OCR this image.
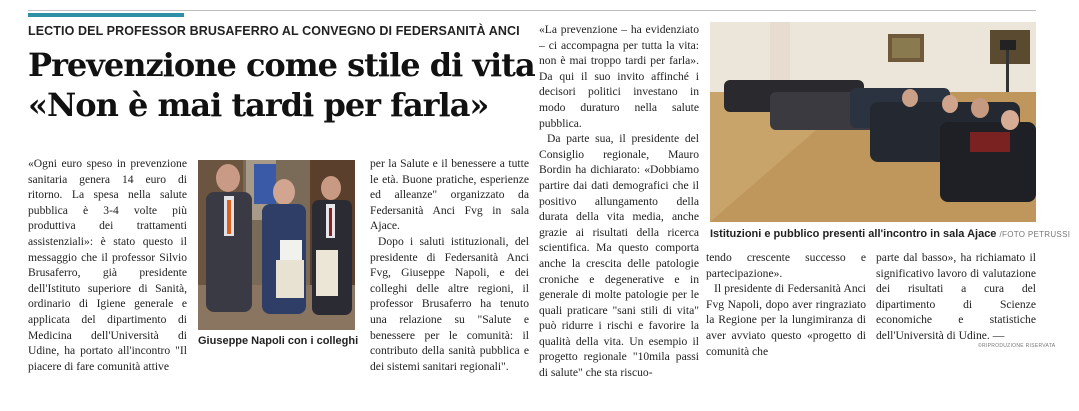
LECTIO DEL PROFESSOR BRUSAFERRO AL CONVEGNO DI FEDERSANITÀ ANCI
Prevenzione come stile di vita
«Non è mai tardi per farla»

«Ogni euro speso in prevenzione sanitaria genera 14 euro di ritorno. La spesa nella salute pubblica è 3-4 volte più produttiva dei trattamenti assistenziali»: è stato questo il messaggio che il professor Silvio Brusaferro, già presidente dell'Istituto superiore di Sanità, ordinario di Igiene generale e applicata del dipartimento di Medicina dell'Università di Udine, ha portato all'incontro "Il piacere di fare comunità attive

Giuseppe Napoli con i colleghi

per la Salute e il benessere a tutte le età. Buone pratiche, esperienze ed alleanze" organizzato da Federsanità Anci Fvg in sala Ajace.

Dopo i saluti istituzionali, del presidente di Federsanità Anci Fvg, Giuseppe Napoli, e dei colleghi delle altre regioni, il professor Brusaferro ha tenuto una relazione su "Salute e benessere per le comunità: il contributo della sanità pubblica e dei sistemi sanitari regionali".

«La prevenzione – ha evidenziato – ci accompagna per tutta la vita: non è mai troppo tardi per farla». Da qui il suo invito affinché i decisori politici investano in modo duraturo nella salute pubblica.

Da parte sua, il presidente del Consiglio regionale, Mauro Bordin ha dichiarato: «Dobbiamo partire dai dati demografici che il positivo allungamento della durata della vita media, anche grazie ai risultati della ricerca scientifica. Ma questo comporta anche la crescita delle patologie croniche e degenerative e in generale di molte patologie per le quali praticare "sani stili di vita" può ridurre i rischi e favorire la qualità della vita. Un esempio il progetto regionale "10mila passi di salute" che sta riscuo-

Istituzioni e pubblico presenti all'incontro in sala Ajace /FOTO PETRUSSI

tendo crescente successo e partecipazione».

Il presidente di Federsanità Anci Fvg Napoli, dopo aver ringraziato la Regione per la lungimiranza di aver avviato questo «progetto di comunità che

parte dal basso», ha richiamato il significativo lavoro di valutazione dei risultati a cura del dipartimento di Scienze economiche e statistiche dell'Università di Udine. —

©RIPRODUZIONE RISERVATA
